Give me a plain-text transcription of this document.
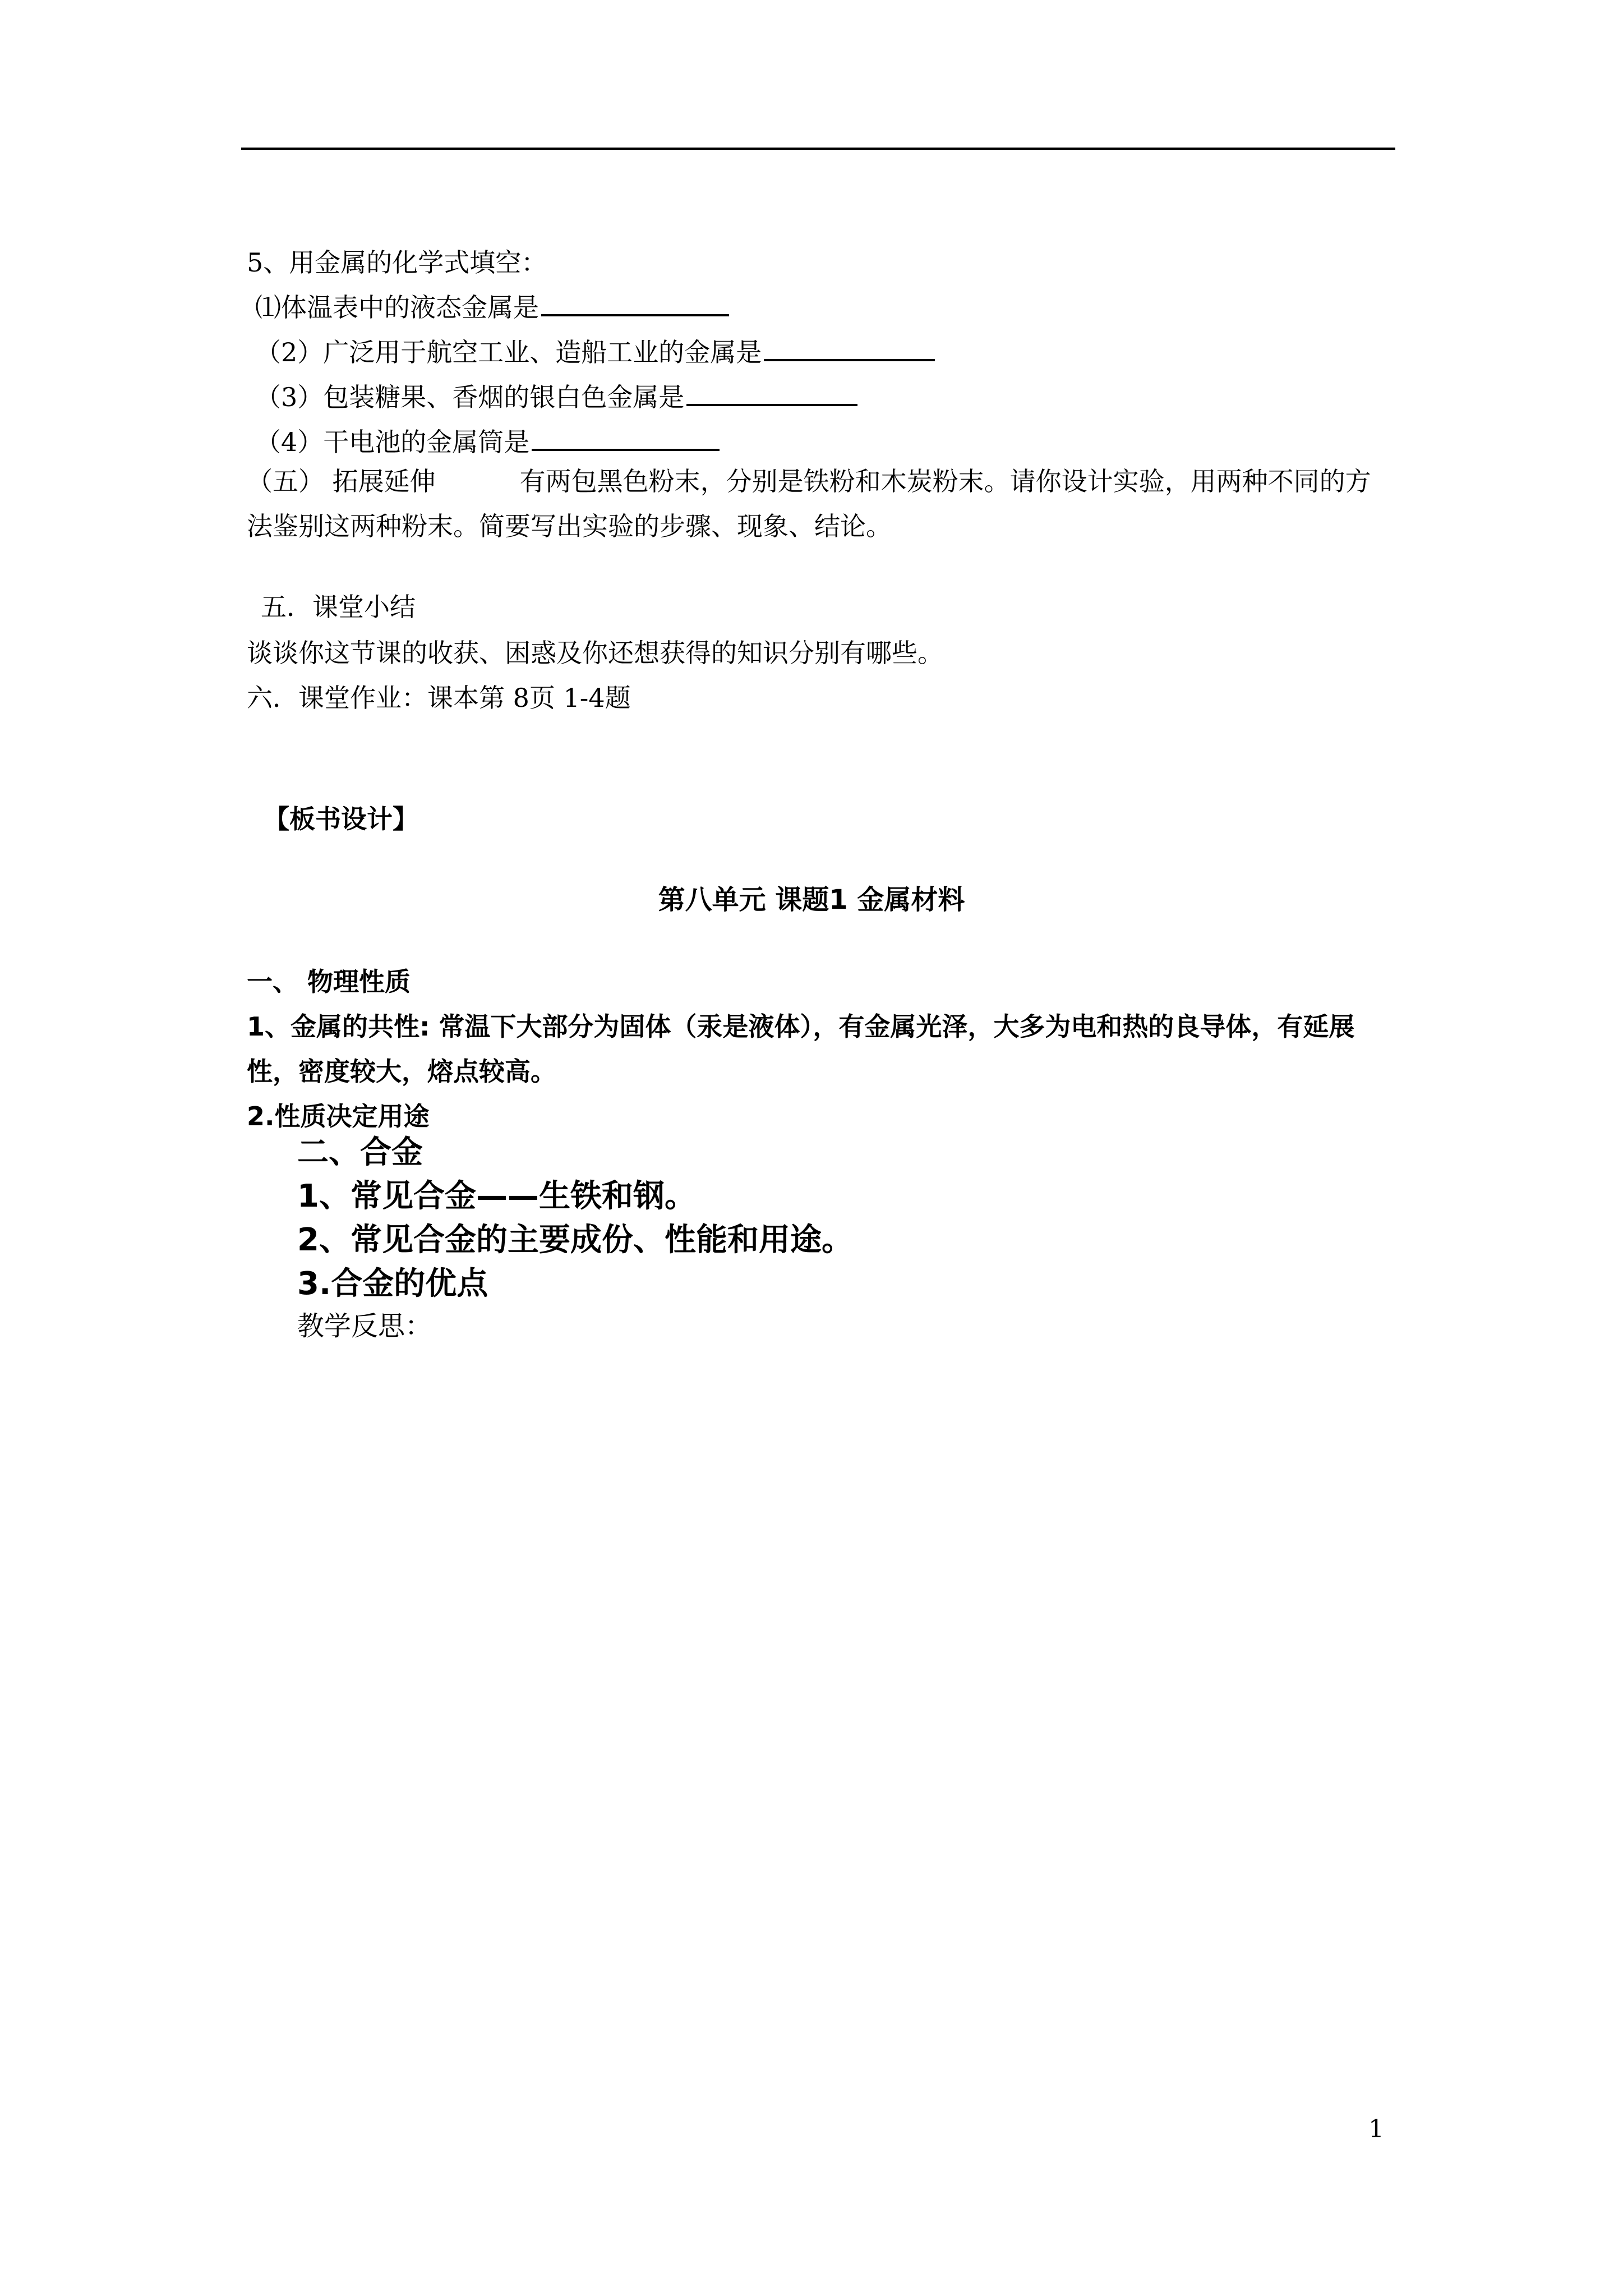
5、用金属的化学式填空：
⑴体温表中的液态金属是
（2）广泛用于航空工业、造船工业的金属是
（3）包装糖果、香烟的银白色金属是
（4）干电池的金属筒是
（五） 拓展延伸	有两包黑色粉末，分别是铁粉和木炭粉末。请你设计实验，用两种不同的方法鉴别这两种粉末。简要写出实验的步骤、现象、结论。
五．课堂小结
谈谈你这节课的收获、困惑及你还想获得的知识分别有哪些。
六．课堂作业：课本第 8页 1-4题
【板书设计】
第八单元 课题1 金属材料
一、 物理性质
1、金属的共性: 常温下大部分为固体（汞是液体），有金属光泽，大多为电和热的良导体，有延展性，密度较大，熔点较高。
2.性质决定用途
二、合金
1、常见合金——生铁和钢。
2、常见合金的主要成份、性能和用途。
3.合金的优点
教学反思：
1
